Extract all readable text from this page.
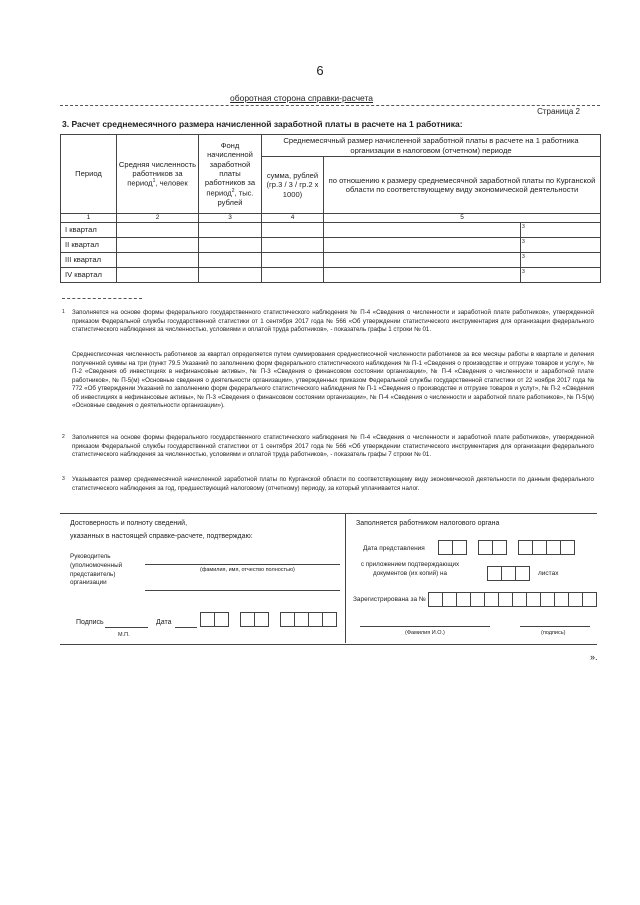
6
оборотная сторона справки-расчета
Страница 2
3. Расчет среднемесячного размера начисленной заработной платы в расчете на 1 работника:
Период	Средняя численность работников за период$^1$, человек	Фонд начисленной заработной платы работников за период$^2$, тыс. рублей	Среднемесячный размер начисленной заработной платы в расчете на 1 работника организации в налоговом (отчетном) периоде	
			сумма, рублей (гр.3 / 3 / гр.2 х 1000)	по отношению к размеру среднемесячной заработной платы по Курганской области по соответствующему виду экономической деятельности
1	2	3	4	5
I квартал				3

II квартал				3

III квартал				3

IV квартал				3
1 Заполняется на основе формы федерального государственного статистического наблюдения № П-4 «Сведения о численности и заработной плате работников», утвержденной приказом Федеральной службы государственной статистики от 1 сентября 2017 года № 566 «Об утверждении статистического инструментария для организации федерального статистического наблюдения за численностью, условиями и оплатой труда работников», - показатель графы 1 строки № 01.
Среднесписочная численность работников за квартал определяется путем суммирования среднесписочной численности работников за все месяцы работы в квартале и деления полученной суммы на три (пункт 79.5 Указаний по заполнению форм федерального статистического наблюдения № П-1 «Сведения о производстве и отгрузке товаров и услуг», № П-2 «Сведения об инвестициях в нефинансовые активы», № П-3 «Сведения о финансовом состоянии организации», № П-4 «Сведения о численности и заработной плате работников», № П-5(м) «Основные сведения о деятельности организации», утвержденных приказом Федеральной службы государственной статистики от 22 ноября 2017 года № 772 «Об утверждении Указаний по заполнению форм федерального статистического наблюдения № П-1 «Сведения о производстве и отгрузке товаров и услуг», № П-2 «Сведения об инвестициях в нефинансовые активы», № П-3 «Сведения о финансовом состоянии организации», № П-4 «Сведения о численности и заработной плате работников», № П-5(м) «Основные сведения о деятельности организации»).
2 Заполняется на основе формы федерального государственного статистического наблюдения № П-4 «Сведения о численности и заработной плате работников», утвержденной приказом Федеральной службы государственной статистики от 1 сентября 2017 года № 566 «Об утверждении статистического инструментария для организации федерального статистического наблюдения за численностью, условиями и оплатой труда работников», - показатель графы 7 строки № 01.
3 Указывается размер среднемесячной начисленной заработной платы по Курганской области по соответствующему виду экономической деятельности по данным федерального статистического наблюдения за год, предшествующий налоговому (отчетному) периоду, за который уплачивается налог.
Достоверность и полноту сведений,
указанных в настоящей справке-расчете, подтверждаю:
Руководитель
(уполномоченный
представитель)
организации
(фамилия, имя, отчество полностью)
Подпись	Дата
М.П.
Заполняется работником налогового органа
Дата представления
с приложением подтверждающих
документов (их копий) на	листах
Зарегистрирована за №
(Фамилия И.О.)	(подпись)
».
